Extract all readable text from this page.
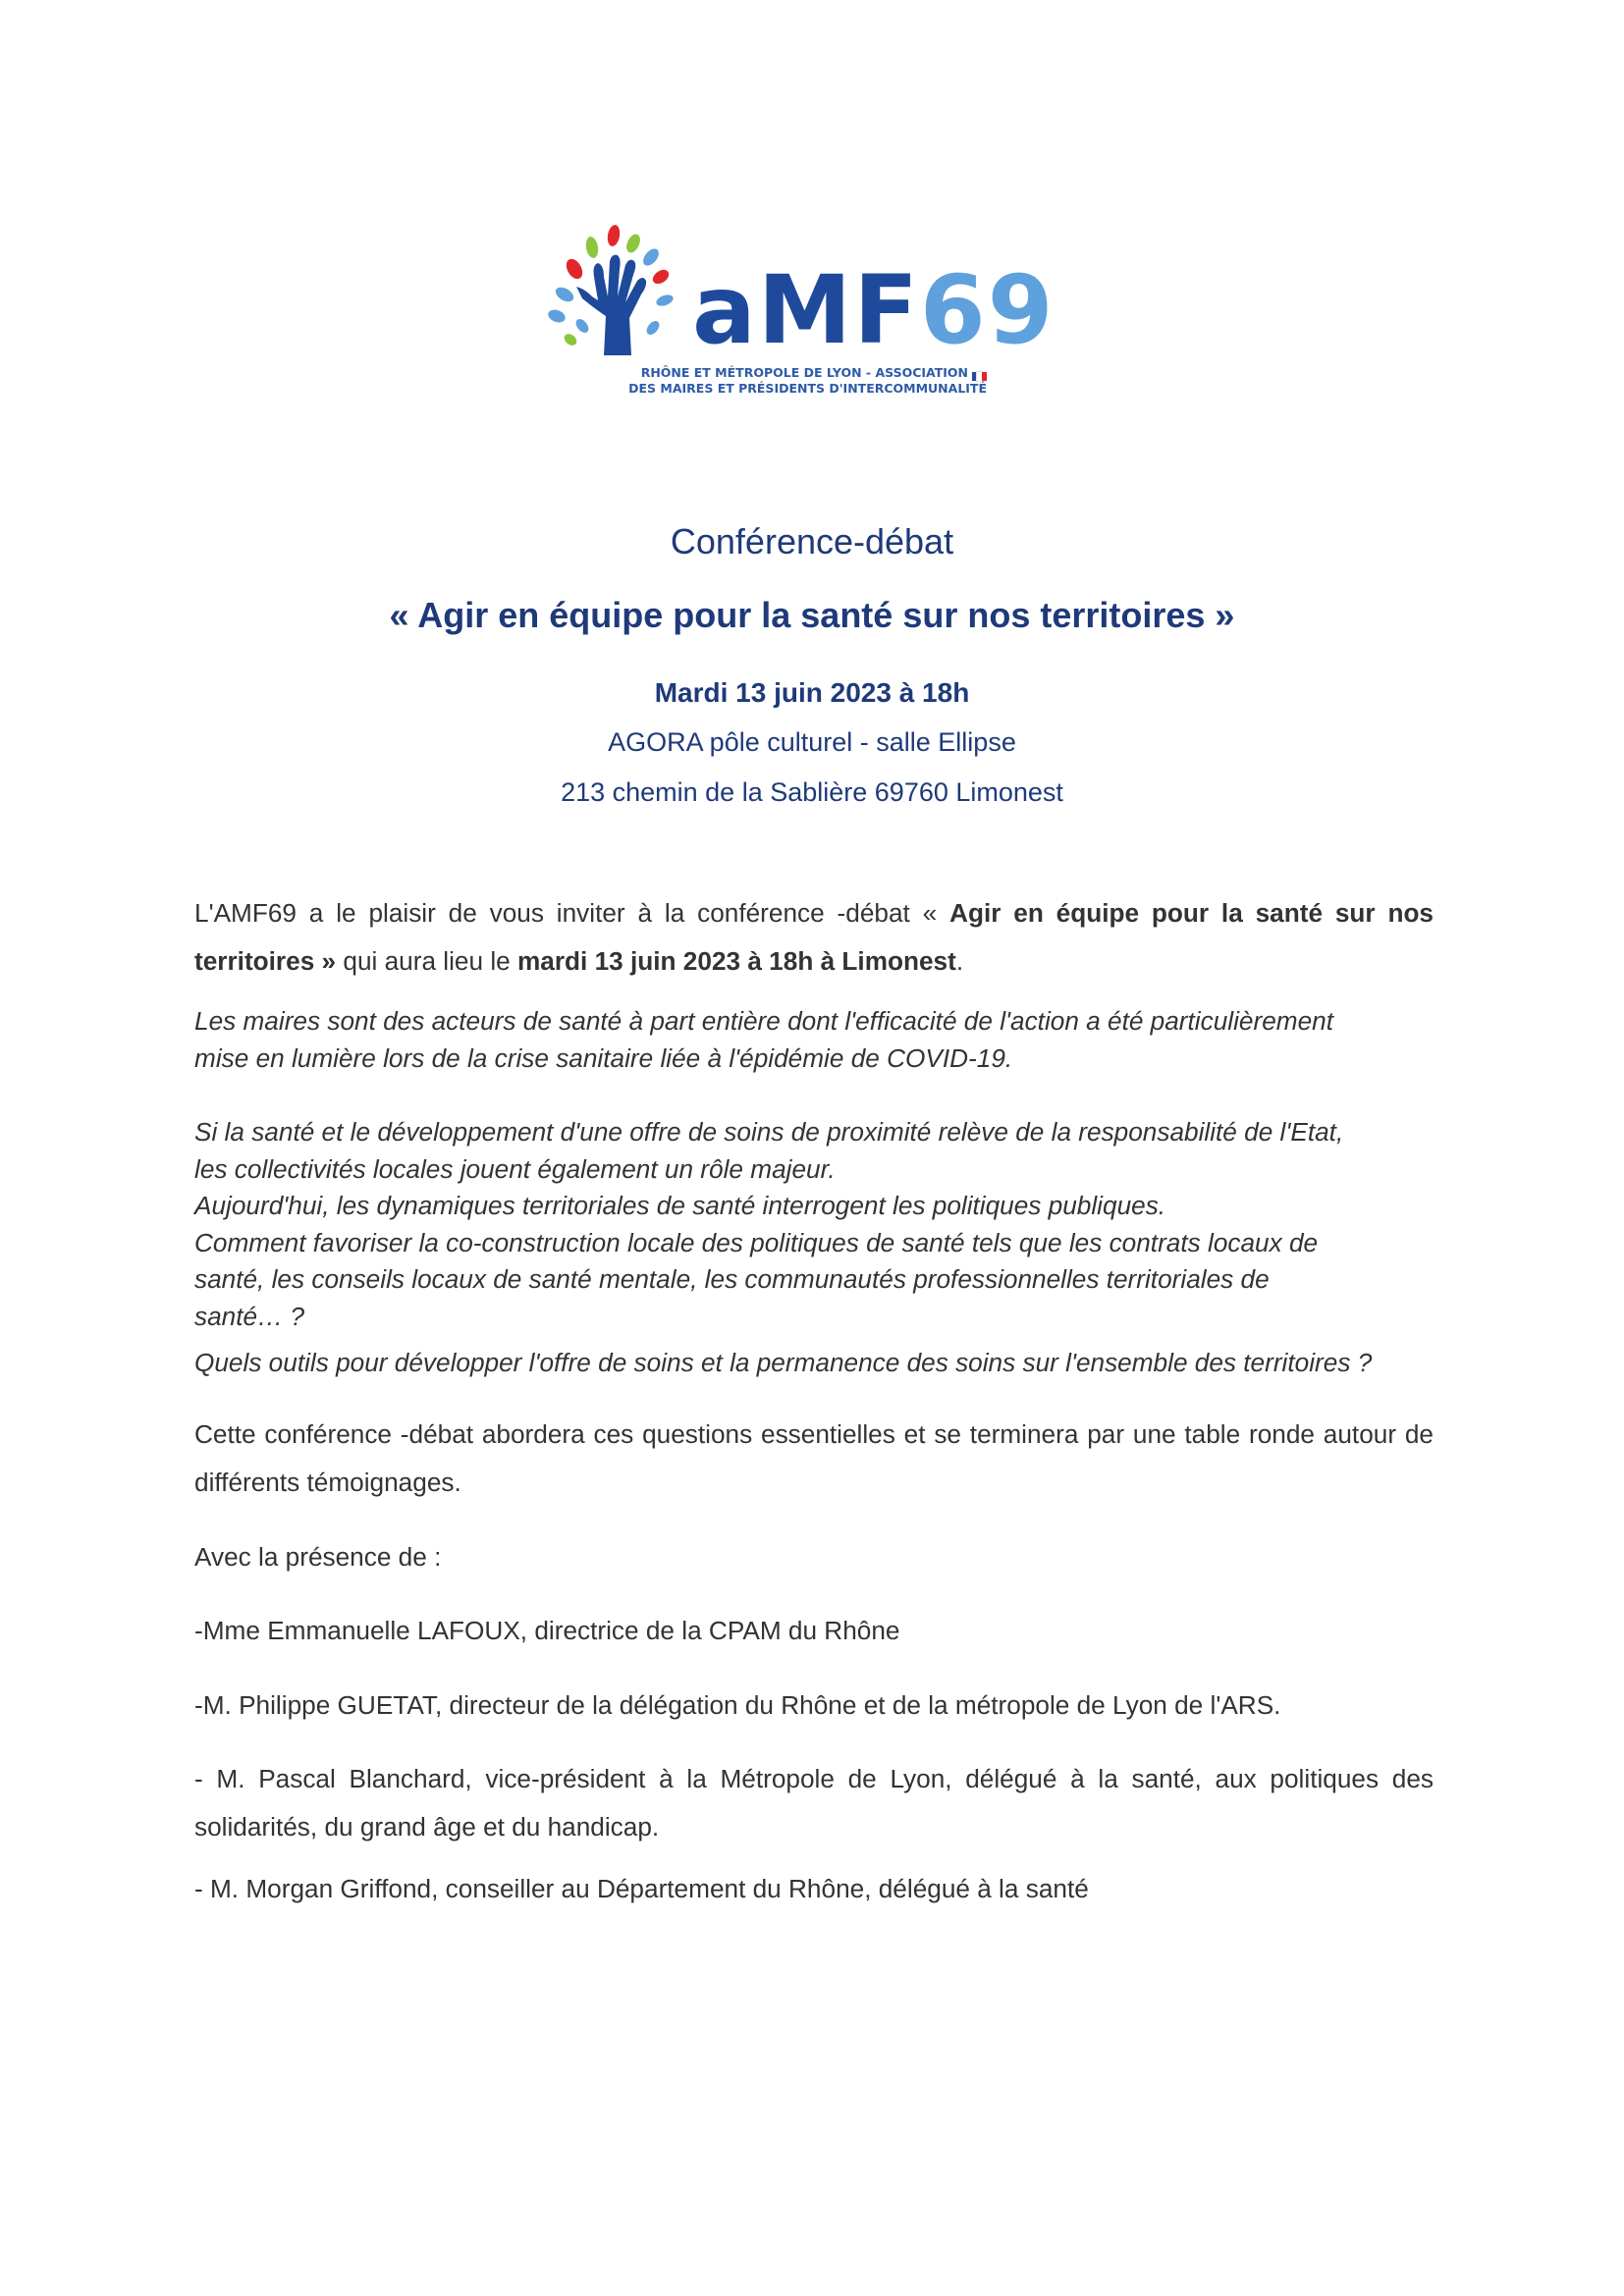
aMF69
RHÔNE ET MÉTROPOLE DE LYON - ASSOCIATION
DES MAIRES ET PRÉSIDENTS D'INTERCOMMUNALITÉ
Conférence-débat
« Agir en équipe pour la santé sur nos territoires »
Mardi 13 juin 2023 à 18h
AGORA pôle culturel - salle Ellipse
213 chemin de la Sablière 69760 Limonest

L'AMF69 a le plaisir de vous inviter à la conférence -débat « Agir en équipe pour la santé sur nos territoires » qui aura lieu le mardi 13 juin 2023 à 18h à Limonest.

Les maires sont des acteurs de santé à part entière dont l'efficacité de l'action a été particulièrement

mise en lumière lors de la crise sanitaire liée à l'épidémie de COVID-19.

Si la santé et le développement d'une offre de soins de proximité relève de la responsabilité de l'Etat,

les collectivités locales jouent également un rôle majeur.

Aujourd'hui, les dynamiques territoriales de santé interrogent les politiques publiques.

Comment favoriser la co-construction locale des politiques de santé tels que les contrats locaux de

santé, les conseils locaux de santé mentale, les communautés professionnelles territoriales de

santé… ?

Quels outils pour développer l'offre de soins et la permanence des soins sur l'ensemble des territoires ?

Cette conférence -débat abordera ces questions essentielles et se terminera par une table ronde autour de différents témoignages.

Avec la présence de :

-Mme Emmanuelle LAFOUX, directrice de la CPAM du Rhône

-M. Philippe GUETAT, directeur de la délégation du Rhône et de la métropole de Lyon de l'ARS.

- M. Pascal Blanchard, vice-président à la Métropole de Lyon, délégué à la santé, aux politiques des solidarités, du grand âge et du handicap.

- M. Morgan Griffond, conseiller au Département du Rhône, délégué à la santé
